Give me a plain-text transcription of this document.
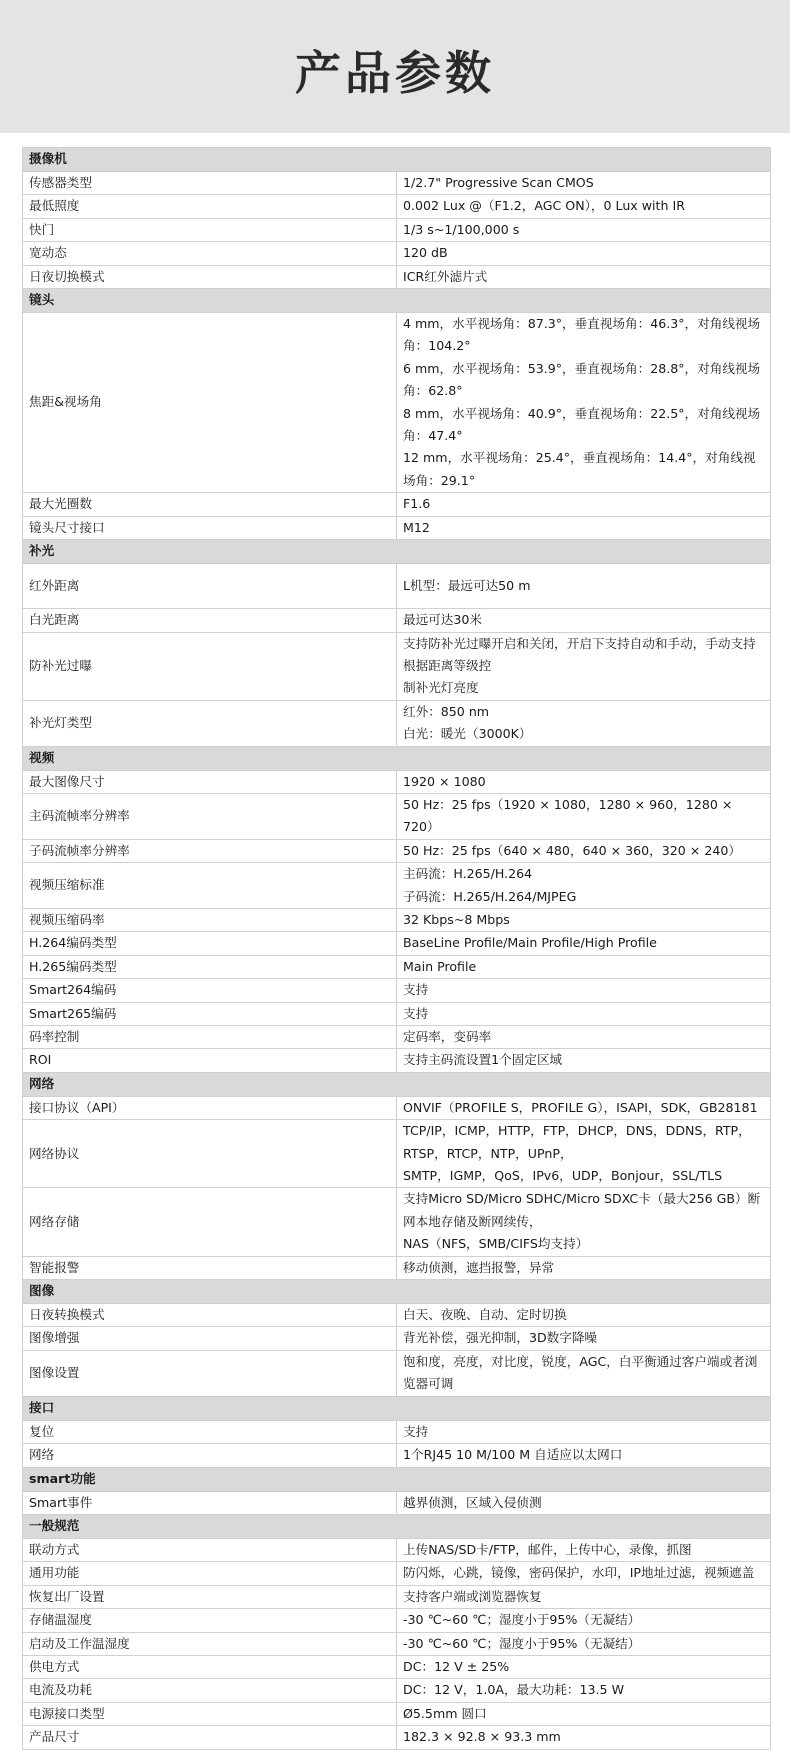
产品参数
摄像机	
传感器类型	1/2.7" Progressive Scan CMOS

最低照度	0.002 Lux @（F1.2，AGC ON），0 Lux with IR

快门	1/3 s~1/100,000 s

宽动态	120 dB

日夜切换模式	ICR红外滤片式

镜头	
焦距&视场角	4 mm，水平视场角：87.3°，垂直视场角：46.3°，对角线视场角：104.2°
6 mm，水平视场角：53.9°，垂直视场角：28.8°，对角线视场角：62.8°
8 mm，水平视场角：40.9°，垂直视场角：22.5°，对角线视场角：47.4°
12 mm，水平视场角：25.4°，垂直视场角：14.4°，对角线视场角：29.1°

最大光圈数	F1.6

镜头尺寸接口	M12

补光	
红外距离	L机型：最远可达50 m

白光距离	最远可达30米

防补光过曝	支持防补光过曝开启和关闭，开启下支持自动和手动，手动支持根据距离等级控
制补光灯亮度

补光灯类型	红外：850 nm
白光：暖光（3000K）

视频	
最大图像尺寸	1920 × 1080

主码流帧率分辨率	50 Hz：25 fps（1920 × 1080，1280 × 960，1280 × 720）

子码流帧率分辨率	50 Hz：25 fps（640 × 480，640 × 360，320 × 240）

视频压缩标准	主码流：H.265/H.264
子码流：H.265/H.264/MJPEG

视频压缩码率	32 Kbps~8 Mbps

H.264编码类型	BaseLine Profile/Main Profile/High Profile

H.265编码类型	Main Profile

Smart264编码	支持

Smart265编码	支持

码率控制	定码率，变码率

ROI	支持主码流设置1个固定区域

网络	
接口协议（API）	ONVIF（PROFILE S，PROFILE G），ISAPI，SDK，GB28181

网络协议	TCP/IP，ICMP，HTTP，FTP，DHCP，DNS，DDNS，RTP，RTSP，RTCP，NTP，UPnP，
SMTP，IGMP，QoS，IPv6，UDP，Bonjour，SSL/TLS

网络存储	支持Micro SD/Micro SDHC/Micro SDXC卡（最大256 GB）断网本地存储及断网续传，
NAS（NFS，SMB/CIFS均支持）

智能报警	移动侦测，遮挡报警，异常

图像	
日夜转换模式	白天、夜晚、自动、定时切换

图像增强	背光补偿，强光抑制，3D数字降噪

图像设置	饱和度，亮度，对比度，锐度，AGC，白平衡通过客户端或者浏览器可调

接口	
复位	支持

网络	1个RJ45 10 M/100 M 自适应以太网口

smart功能	
Smart事件	越界侦测，区域入侵侦测

一般规范	
联动方式	上传NAS/SD卡/FTP，邮件，上传中心，录像，抓图

通用功能	防闪烁，心跳，镜像，密码保护，水印，IP地址过滤，视频遮盖

恢复出厂设置	支持客户端或浏览器恢复

存储温湿度	-30 ℃~60 ℃；湿度小于95%（无凝结）

启动及工作温湿度	-30 ℃~60 ℃；湿度小于95%（无凝结）

供电方式	DC：12 V ± 25%

电流及功耗	DC：12 V，1.0A，最大功耗：13.5 W

电源接口类型	Ø5.5mm 圆口

产品尺寸	182.3 × 92.8 × 93.3 mm
